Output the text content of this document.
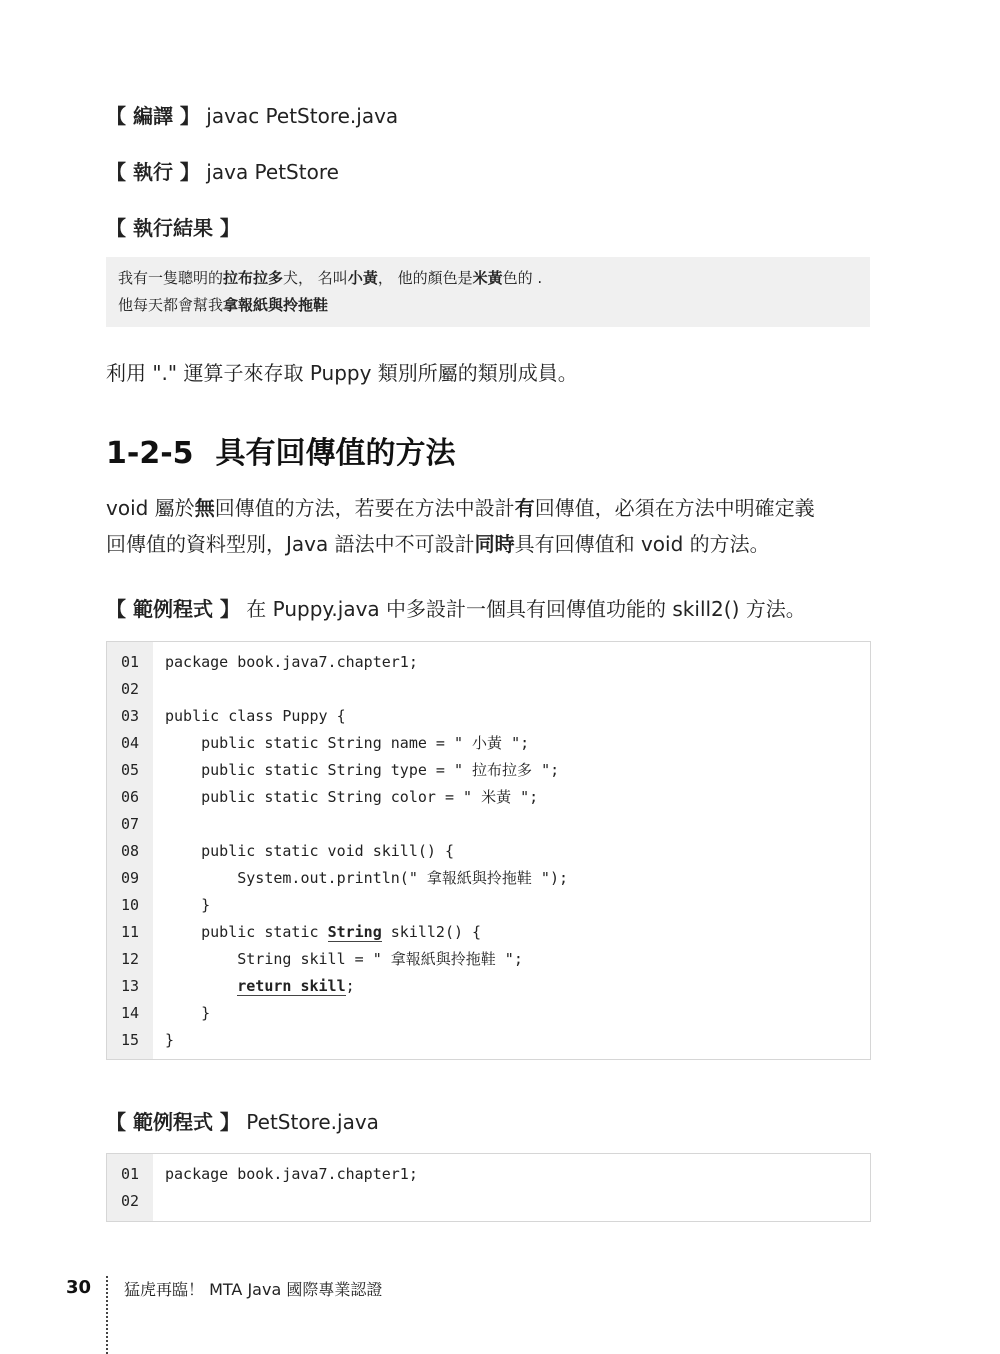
【 編譯 】 javac PetStore.java
【 執行 】 java PetStore
【 執行結果 】
我有一隻聰明的拉布拉多犬， 名叫小黃， 他的顏色是米黃色的 .
他每天都會幫我拿報紙與拎拖鞋
利用 "." 運算子來存取 Puppy 類別所屬的類別成員。
1-2-5 具有回傳值的方法
void 屬於無回傳值的方法，若要在方法中設計有回傳值，必須在方法中明確定義
回傳值的資料型別，Java 語法中不可設計同時具有回傳值和 void 的方法。
【 範例程式 】 在 Puppy.java 中多設計一個具有回傳值功能的 skill2() 方法。
01	package book.java7.chapter1;
02
03	public class Puppy {
04	public static String name = " 小黃 ";
05	public static String type = " 拉布拉多 ";
06	public static String color = " 米黃 ";
07
08	public static void skill() {
09	System.out.println(" 拿報紙與拎拖鞋 ");
10	}
11	public static String skill2() {
12	String skill = " 拿報紙與拎拖鞋 ";
13	return skill;
14	}
15	}
【 範例程式 】 PetStore.java
01	package book.java7.chapter1;
02
30 猛虎再臨！ MTA Java 國際專業認證
